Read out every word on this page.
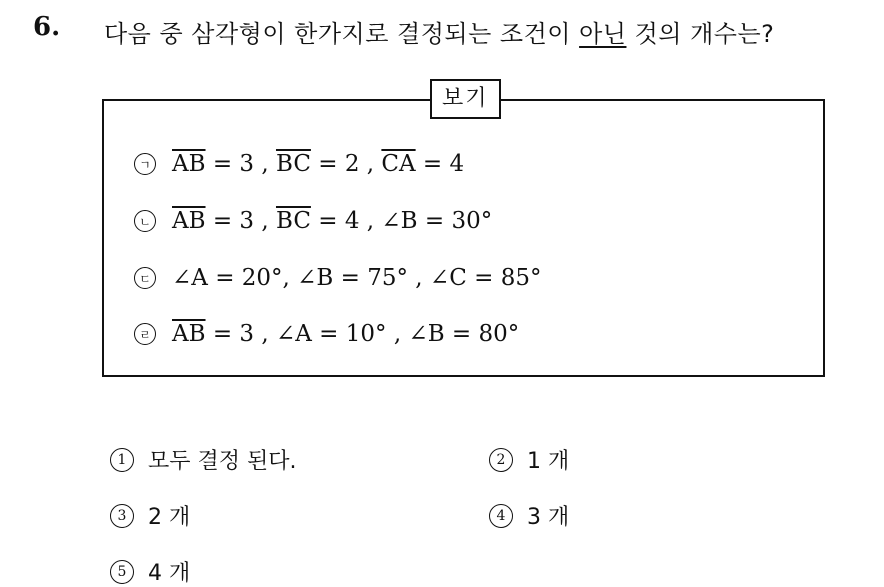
6. 다음 중 삼각형이 한가지로 결정되는 조건이 아닌 것의 개수는?
보기
ㄱ $\overline{AB} = 3$ , $\overline{BC} = 2$ , $\overline{CA} = 4$
ㄴ $\overline{AB} = 3$ , $\overline{BC} = 4$ , ∠B = 30°
ㄷ ∠A = 20°, ∠B = 75° , ∠C = 85°
ㄹ $\overline{AB} = 3$ , ∠A = 10° , ∠B = 80°
1 모두 결정 된다.	2 1 개
3 2 개	4 3 개
5 4 개
